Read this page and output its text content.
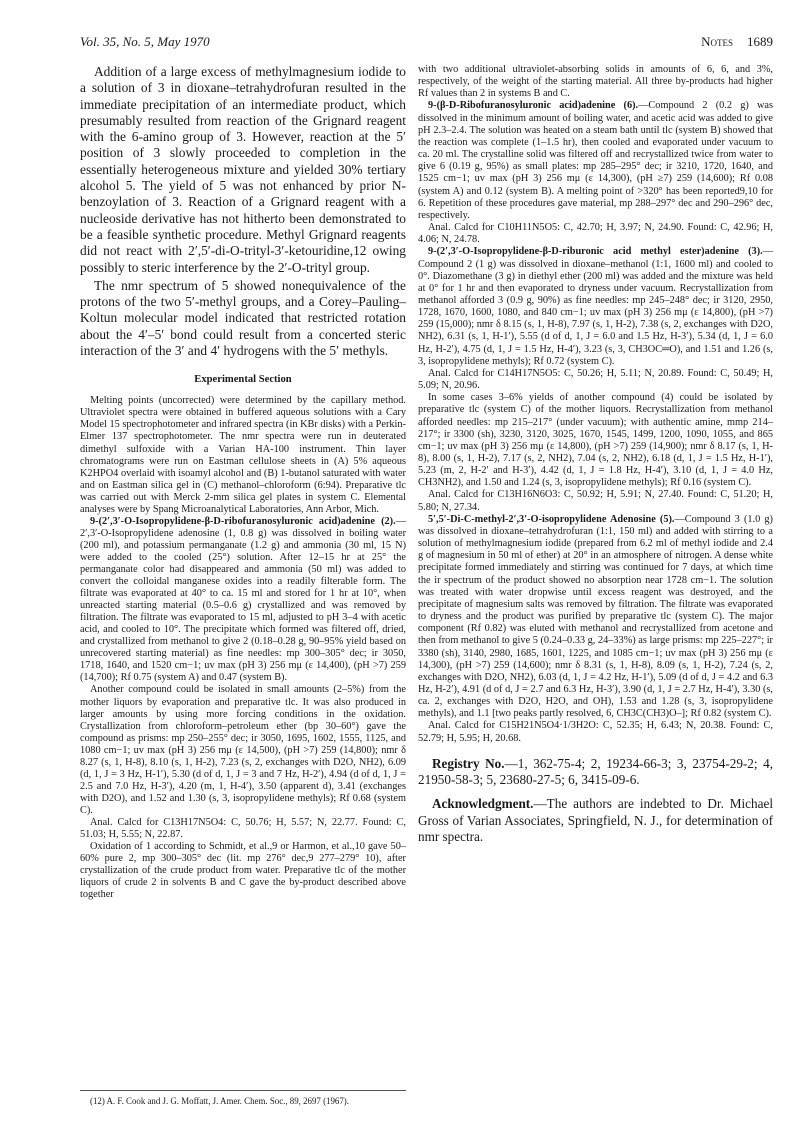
Vol. 35, No. 5, May 1970	Notes 1689

Addition of a large excess of methylmagnesium iodide to a solution of 3 in dioxane–tetrahydrofuran resulted in the immediate precipitation of an intermediate product, which presumably resulted from reaction of the Grignard reagent with the 6-amino group of 3. However, reaction at the 5′ position of 3 slowly proceeded to completion in the essentially heterogeneous mixture and yielded 30% tertiary alcohol 5. The yield of 5 was not enhanced by prior N-benzoylation of 3. Reaction of a Grignard reagent with a nucleoside derivative has not hitherto been demonstrated to be a feasible synthetic procedure. Methyl Grignard reagents did not react with 2′,5′-di-O-trityl-3′-ketouridine,12 owing possibly to steric interference by the 2′-O-trityl group.

The nmr spectrum of 5 showed nonequivalence of the protons of the two 5′-methyl groups, and a Corey–Pauling–Koltun molecular model indicated that restricted rotation about the 4′–5′ bond could result from a concerted steric interaction of the 3′ and 4′ hydrogens with the 5′ methyls.

Experimental Section

Melting points (uncorrected) were determined by the capillary method. Ultraviolet spectra were obtained in buffered aqueous solutions with a Cary Model 15 spectrophotometer and infrared spectra (in KBr disks) with a Perkin-Elmer 137 spectrophotometer. The nmr spectra were run in deuterated dimethyl sulfoxide with a Varian HA-100 instrument. Thin layer chromatograms were run on Eastman cellulose sheets in (A) 5% aqueous K2HPO4 overlaid with isoamyl alcohol and (B) 1-butanol saturated with water and on Eastman silica gel in (C) methanol–chloroform (6:94). Preparative tlc was carried out with Merck 2-mm silica gel plates in system C. Elemental analyses were by Spang Microanalytical Laboratories, Ann Arbor, Mich.

9-(2′,3′-O-Isopropylidene-β-D-ribofuranosyluronic acid)adenine (2).—2′,3′-O-Isopropylidene adenosine (1, 0.8 g) was dissolved in boiling water (200 ml), and potassium permanganate (1.2 g) and ammonia (30 ml, 15 N) were added to the cooled (25°) solution. After 12–15 hr at 25° the permanganate color had disappeared and ammonia (50 ml) was added to convert the colloidal manganese oxides into a readily filterable form. The filtrate was evaporated at 40° to ca. 15 ml and stored for 1 hr at 10°, when unreacted starting material (0.5–0.6 g) crystallized and was removed by filtration. The filtrate was evaporated to 15 ml, adjusted to pH 3–4 with acetic acid, and cooled to 10°. The precipitate which formed was filtered off, dried, and crystallized from methanol to give 2 (0.18–0.28 g, 90–95% yield based on unrecovered starting material) as fine needles: mp 300–305° dec; ir 3050, 1718, 1640, and 1520 cm−1; uv max (pH 3) 256 mμ (ε 14,400), (pH >7) 259 (14,700); Rf 0.75 (system A) and 0.47 (system B).

Another compound could be isolated in small amounts (2–5%) from the mother liquors by evaporation and preparative tlc. It was also produced in larger amounts by using more forcing conditions in the oxidation. Crystallization from chloroform–petroleum ether (bp 30–60°) gave the compound as prisms: mp 250–255° dec; ir 3050, 1695, 1602, 1555, 1125, and 1080 cm−1; uv max (pH 3) 256 mμ (ε 14,500), (pH >7) 259 (14,800); nmr δ 8.27 (s, 1, H-8), 8.10 (s, 1, H-2), 7.23 (s, 2, exchanges with D2O, NH2), 6.09 (d, 1, J = 3 Hz, H-1′), 5.30 (d of d, 1, J = 3 and 7 Hz, H-2′), 4.94 (d of d, 1, J = 2.5 and 7.0 Hz, H-3′), 4.20 (m, 1, H-4′), 3.50 (apparent d), 3.41 (exchanges with D2O), and 1.52 and 1.30 (s, 3, isopropylidene methyls); Rf 0.68 (system C).

Anal. Calcd for C13H17N5O4: C, 50.76; H, 5.57; N, 22.77. Found: C, 51.03; H, 5.55; N, 22.87.

Oxidation of 1 according to Schmidt, et al.,9 or Harmon, et al.,10 gave 50–60% pure 2, mp 300–305° dec (lit. mp 276° dec,9 277–279° 10), after crystallization of the crude product from water. Preparative tlc of the mother liquors of crude 2 in solvents B and C gave the by-product described above together

(12) A. F. Cook and J. G. Moffatt, J. Amer. Chem. Soc., 89, 2697 (1967).

with two additional ultraviolet-absorbing solids in amounts of 6, 6, and 3%, respectively, of the weight of the starting material. All three by-products had higher Rf values than 2 in systems B and C.

9-(β-D-Ribofuranosyluronic acid)adenine (6).—Compound 2 (0.2 g) was dissolved in the minimum amount of boiling water, and acetic acid was added to give pH 2.3–2.4. The solution was heated on a steam bath until tlc (system B) showed that the reaction was complete (1–1.5 hr), then cooled and evaporated under vacuum to ca. 20 ml. The crystalline solid was filtered off and recrystallized twice from water to give 6 (0.19 g, 95%) as small plates: mp 285–295° dec; ir 3210, 1720, 1640, and 1525 cm−1; uv max (pH 3) 256 mμ (ε 14,300), (pH ≥7) 259 (14,600); Rf 0.08 (system A) and 0.12 (system B). A melting point of >320° has been reported9,10 for 6. Repetition of these procedures gave material, mp 288–297° dec and 290–296° dec, respectively.

Anal. Calcd for C10H11N5O5: C, 42.70; H, 3.97; N, 24.90. Found: C, 42.96; H, 4.06; N, 24.78.

9-(2′,3′-O-Isopropylidene-β-D-riburonic acid methyl ester)adenine (3).—Compound 2 (1 g) was dissolved in dioxane–methanol (1:1, 1600 ml) and cooled to 0°. Diazomethane (3 g) in diethyl ether (200 ml) was added and the mixture was held at 0° for 1 hr and then evaporated to dryness under vacuum. Recrystallization from methanol afforded 3 (0.9 g, 90%) as fine needles: mp 245–248° dec; ir 3120, 2950, 1728, 1670, 1600, 1080, and 840 cm−1; uv max (pH 3) 256 mμ (ε 14,800), (pH >7) 259 (15,000); nmr δ 8.15 (s, 1, H-8), 7.97 (s, 1, H-2), 7.38 (s, 2, exchanges with D2O, NH2), 6.31 (s, 1, H-1′), 5.55 (d of d, 1, J = 6.0 and 1.5 Hz, H-3′), 5.34 (d, 1, J = 6.0 Hz, H-2′), 4.75 (d, 1, J = 1.5 Hz, H-4′), 3.23 (s, 3, CH3OC═O), and 1.51 and 1.26 (s, 3, isopropylidene methyls); Rf 0.72 (system C).

Anal. Calcd for C14H17N5O5: C, 50.26; H, 5.11; N, 20.89. Found: C, 50.49; H, 5.09; N, 20.96.

In some cases 3–6% yields of another compound (4) could be isolated by preparative tlc (system C) of the mother liquors. Recrystallization from methanol afforded needles: mp 215–217° (under vacuum); with authentic amine, mmp 214–217°; ir 3300 (sh), 3230, 3120, 3025, 1670, 1545, 1499, 1200, 1090, 1055, and 865 cm−1; uv max (pH 3) 256 mμ (ε 14,800), (pH >7) 259 (14,900); nmr δ 8.17 (s, 1, H-8), 8.00 (s, 1, H-2), 7.17 (s, 2, NH2), 7.04 (s, 2, NH2), 6.18 (d, 1, J = 1.5 Hz, H-1′), 5.23 (m, 2, H-2′ and H-3′), 4.42 (d, 1, J = 1.8 Hz, H-4′), 3.10 (d, 1, J = 4.0 Hz, CH3NH2), and 1.50 and 1.24 (s, 3, isopropylidene methyls); Rf 0.16 (system C).

Anal. Calcd for C13H16N6O3: C, 50.92; H, 5.91; N, 27.40. Found: C, 51.20; H, 5.80; N, 27.34.

5′,5′-Di-C-methyl-2′,3′-O-isopropylidene Adenosine (5).—Compound 3 (1.0 g) was dissolved in dioxane–tetrahydrofuran (1:1, 150 ml) and added with stirring to a solution of methylmagnesium iodide (prepared from 6.2 ml of methyl iodide and 2.4 g of magnesium in 50 ml of ether) at 20° in an atmosphere of nitrogen. A dense white precipitate formed immediately and stirring was continued for 7 days, at which time the ir spectrum of the product showed no absorption near 1728 cm−1. The solution was treated with water dropwise until excess reagent was destroyed, and the precipitate of magnesium salts was removed by filtration. The filtrate was evaporated to dryness and the product was purified by preparative tlc (system C). The major component (Rf 0.82) was eluted with methanol and recrystallized from acetone and then from methanol to give 5 (0.24–0.33 g, 24–33%) as large prisms: mp 225–227°; ir 3380 (sh), 3140, 2980, 1685, 1601, 1225, and 1085 cm−1; uv max (pH 3) 256 mμ (ε 14,300), (pH >7) 259 (14,600); nmr δ 8.31 (s, 1, H-8), 8.09 (s, 1, H-2), 7.24 (s, 2, exchanges with D2O, NH2), 6.03 (d, 1, J = 4.2 Hz, H-1′), 5.09 (d of d, J = 4.2 and 6.3 Hz, H-2′), 4.91 (d of d, J = 2.7 and 6.3 Hz, H-3′), 3.90 (d, 1, J = 2.7 Hz, H-4′), 3.30 (s, ca. 2, exchanges with D2O, H2O, and OH), 1.53 and 1.28 (s, 3, isopropylidene methyls), and 1.1 [two peaks partly resolved, 6, CH3C(CH3)O–]; Rf 0.82 (system C).

Anal. Calcd for C15H21N5O4·1/3H2O: C, 52.35; H, 6.43; N, 20.38. Found: C, 52.79; H, 5.95; H, 20.68.

Registry No.—1, 362-75-4; 2, 19234-66-3; 3, 23754-29-2; 4, 21950-58-3; 5, 23680-27-5; 6, 3415-09-6.

Acknowledgment.—The authors are indebted to Dr. Michael Gross of Varian Associates, Springfield, N. J., for determination of nmr spectra.
